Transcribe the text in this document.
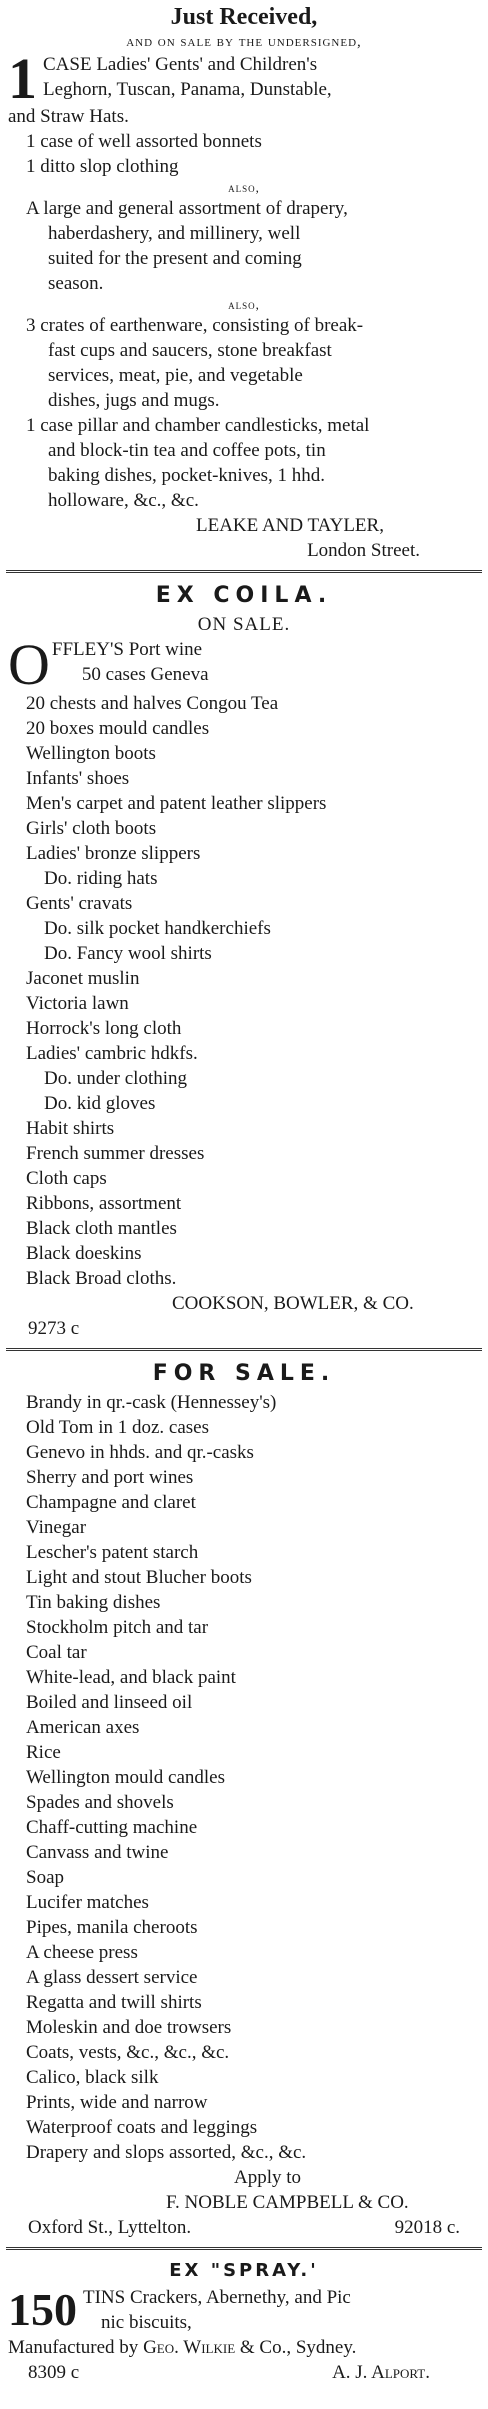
Just Received,
and on sale by the undersigned,
1 CASE Ladies' Gents' and Children's
Leghorn, Tuscan, Panama, Dunstable,
and Straw Hats.
1 case of well assorted bonnets
1 ditto slop clothing
also,
A large and general assortment of drapery,
haberdashery, and millinery, well
suited for the present and coming
season.
also,
3 crates of earthenware, consisting of break-
fast cups and saucers, stone breakfast
services, meat, pie, and vegetable
dishes, jugs and mugs.
1 case pillar and chamber candlesticks, metal
and block-tin tea and coffee pots, tin
baking dishes, pocket-knives, 1 hhd.
holloware, &c., &c.
LEAKE AND TAYLER,
London Street.
EX COILA.
ON SALE.
O FFLEY'S Port wine
50 cases Geneva
20 chests and halves Congou Tea
20 boxes mould candles
Wellington boots
Infants' shoes
Men's carpet and patent leather slippers
Girls' cloth boots
Ladies' bronze slippers
Do. riding hats
Gents' cravats
Do. silk pocket handkerchiefs
Do. Fancy wool shirts
Jaconet muslin
Victoria lawn
Horrock's long cloth
Ladies' cambric hdkfs.
Do. under clothing
Do. kid gloves
Habit shirts
French summer dresses
Cloth caps
Ribbons, assortment
Black cloth mantles
Black doeskins
Black Broad cloths.
COOKSON, BOWLER, & CO.
9273 c
FOR SALE.
Brandy in qr.-cask (Hennessey's)
Old Tom in 1 doz. cases
Genevo in hhds. and qr.-casks
Sherry and port wines
Champagne and claret
Vinegar
Lescher's patent starch
Light and stout Blucher boots
Tin baking dishes
Stockholm pitch and tar
Coal tar
White-lead, and black paint
Boiled and linseed oil
American axes
Rice
Wellington mould candles
Spades and shovels
Chaff-cutting machine
Canvass and twine
Soap
Lucifer matches
Pipes, manila cheroots
A cheese press
A glass dessert service
Regatta and twill shirts
Moleskin and doe trowsers
Coats, vests, &c., &c., &c.
Calico, black silk
Prints, wide and narrow
Waterproof coats and leggings
Drapery and slops assorted, &c., &c.
Apply to
F. NOBLE CAMPBELL & CO.
Oxford St., Lyttelton.	92018 c.
EX "SPRAY.'
150 TINS Crackers, Abernethy, and Pic
nic biscuits,
Manufactured by Geo. Wilkie & Co., Sydney.
8309 c	A. J. Alport.
